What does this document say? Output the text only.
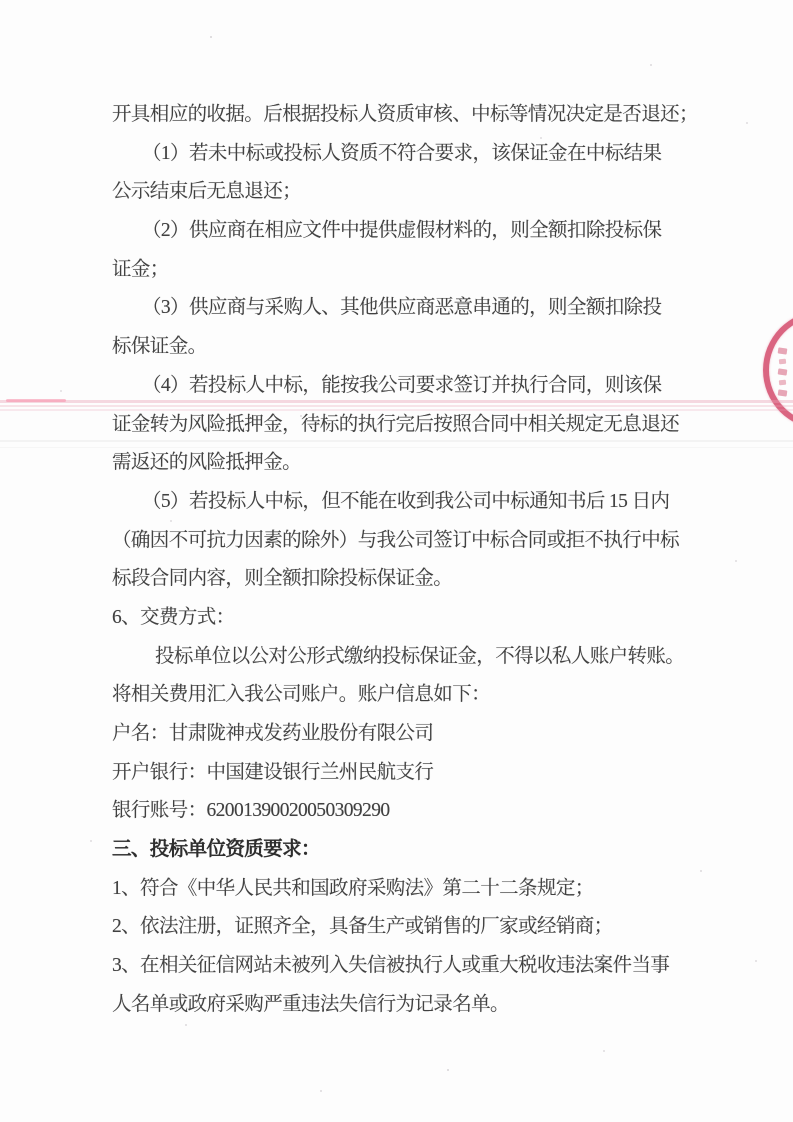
开具相应的收据。后根据投标人资质审核、中标等情况决定是否退还；
（1）若未中标或投标人资质不符合要求，该保证金在中标结果
公示结束后无息退还；
（2）供应商在相应文件中提供虚假材料的，则全额扣除投标保
证金；
（3）供应商与采购人、其他供应商恶意串通的，则全额扣除投
标保证金。
（4）若投标人中标，能按我公司要求签订并执行合同，则该保
证金转为风险抵押金，待标的执行完后按照合同中相关规定无息退还
需返还的风险抵押金。
（5）若投标人中标，但不能在收到我公司中标通知书后 15 日内
（确因不可抗力因素的除外）与我公司签订中标合同或拒不执行中标
标段合同内容，则全额扣除投标保证金。
6、交费方式：
投标单位以公对公形式缴纳投标保证金，不得以私人账户转账。
将相关费用汇入我公司账户。账户信息如下：
户名：甘肃陇神戎发药业股份有限公司
开户银行：中国建设银行兰州民航支行
银行账号：62001390020050309290
三、投标单位资质要求：
1、符合《中华人民共和国政府采购法》第二十二条规定；
2、依法注册，证照齐全，具备生产或销售的厂家或经销商；
3、在相关征信网站未被列入失信被执行人或重大税收违法案件当事
人名单或政府采购严重违法失信行为记录名单。
